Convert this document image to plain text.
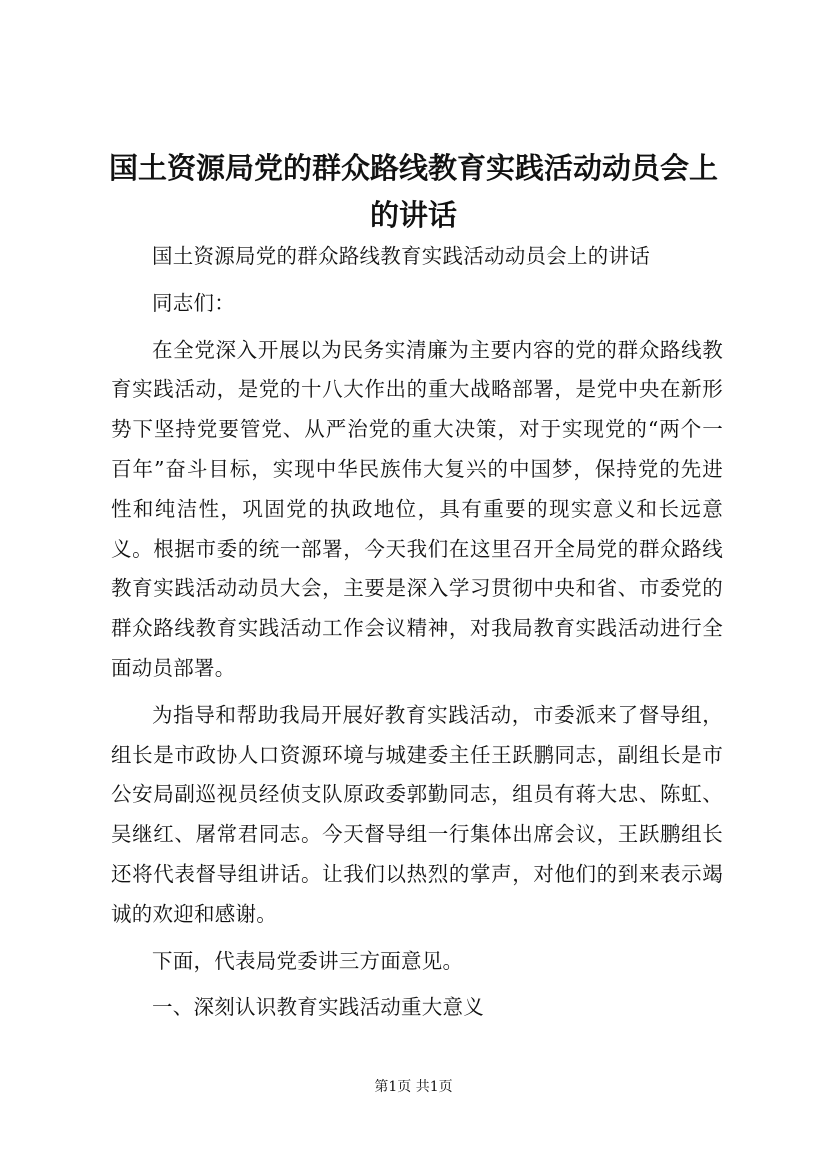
国土资源局党的群众路线教育实践活动动员会上的讲话

国土资源局党的群众路线教育实践活动动员会上的讲话

同志们：

在全党深入开展以为民务实清廉为主要内容的党的群众路线教育实践活动，是党的十八大作出的重大战略部署，是党中央在新形势下坚持党要管党、从严治党的重大决策，对于实现党的“两个一百年”奋斗目标，实现中华民族伟大复兴的中国梦，保持党的先进性和纯洁性，巩固党的执政地位，具有重要的现实意义和长远意义。根据市委的统一部署，今天我们在这里召开全局党的群众路线教育实践活动动员大会，主要是深入学习贯彻中央和省、市委党的群众路线教育实践活动工作会议精神，对我局教育实践活动进行全面动员部署。

为指导和帮助我局开展好教育实践活动，市委派来了督导组，组长是市政协人口资源环境与城建委主任王跃鹏同志，副组长是市公安局副巡视员经侦支队原政委郭勤同志，组员有蒋大忠、陈虹、吴继红、屠常君同志。今天督导组一行集体出席会议，王跃鹏组长还将代表督导组讲话。让我们以热烈的掌声，对他们的到来表示竭诚的欢迎和感谢。

下面，代表局党委讲三方面意见。

一、深刻认识教育实践活动重大意义

第1页 共1页
